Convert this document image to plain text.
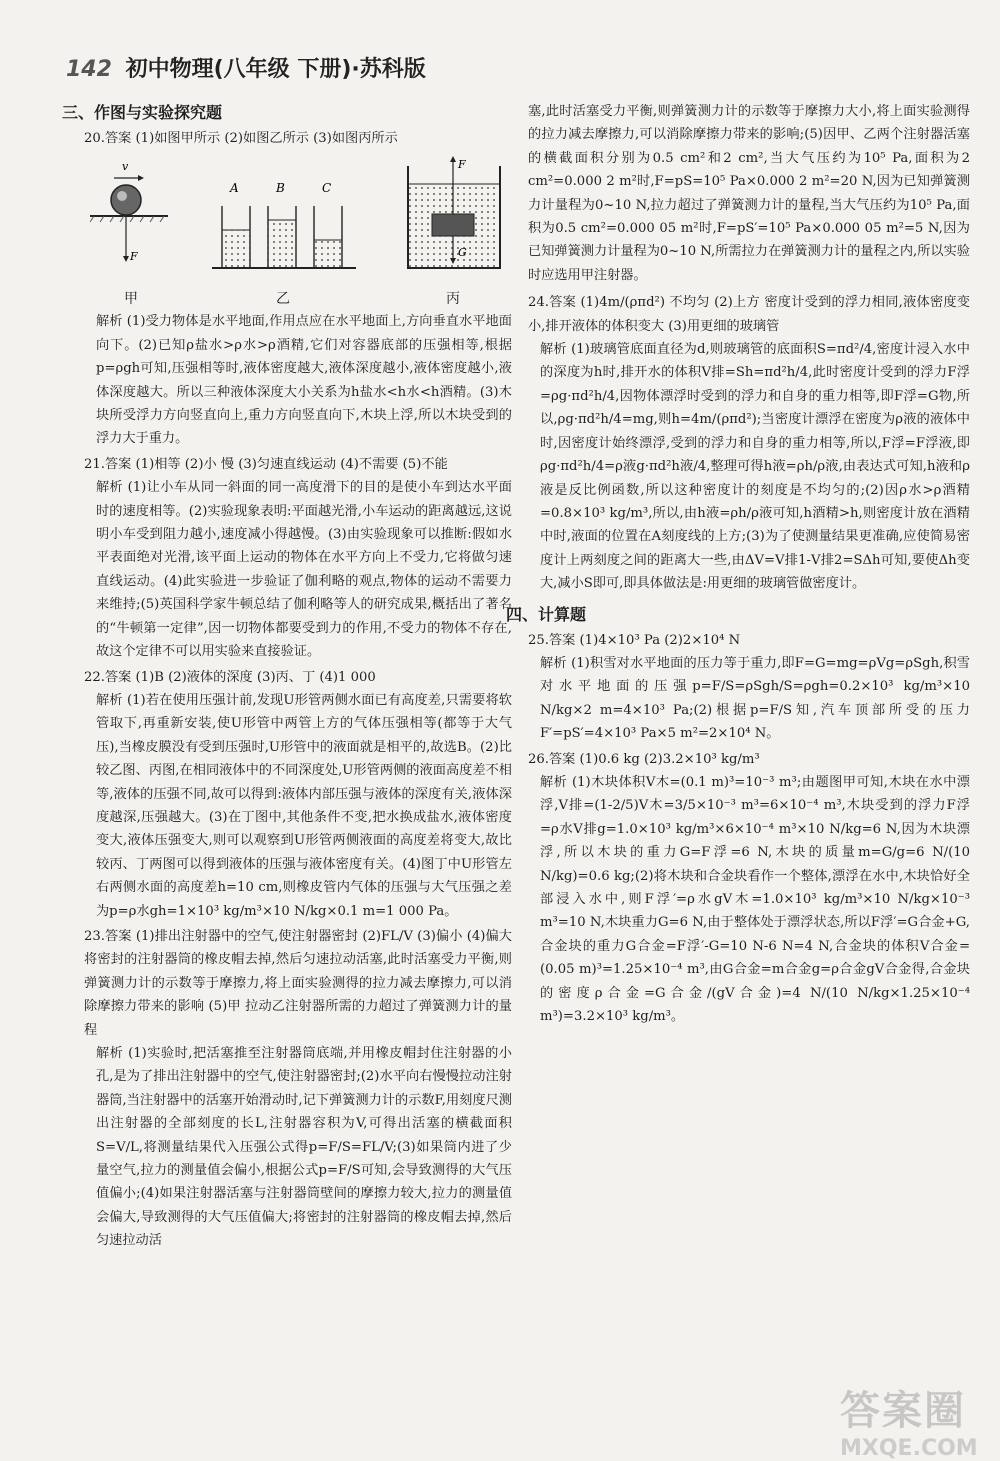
142 初中物理(八年级 下册)·苏科版
三、作图与实验探究题

20.答案 (1)如图甲所示 (2)如图乙所示 (3)如图丙所示

v
F
甲
A	B	C
乙
F
G
丙

解析 (1)受力物体是水平地面,作用点应在水平地面上,方向垂直水平地面向下。(2)已知ρ盐水>ρ水>ρ酒精,它们对容器底部的压强相等,根据p=ρgh可知,压强相等时,液体密度越大,液体深度越小,液体密度越小,液体深度越大。所以三种液体深度大小关系为h盐水<h水<h酒精。(3)木块所受浮力方向竖直向上,重力方向竖直向下,木块上浮,所以木块受到的浮力大于重力。

21.答案 (1)相等 (2)小 慢 (3)匀速直线运动 (4)不需要 (5)不能

解析 (1)让小车从同一斜面的同一高度滑下的目的是使小车到达水平面时的速度相等。(2)实验现象表明:平面越光滑,小车运动的距离越远,这说明小车受到阻力越小,速度减小得越慢。(3)由实验现象可以推断:假如水平表面绝对光滑,该平面上运动的物体在水平方向上不受力,它将做匀速直线运动。(4)此实验进一步验证了伽利略的观点,物体的运动不需要力来维持;(5)英国科学家牛顿总结了伽利略等人的研究成果,概括出了著名的“牛顿第一定律”,因一切物体都要受到力的作用,不受力的物体不存在,故这个定律不可以用实验来直接验证。

22.答案 (1)B (2)液体的深度 (3)丙、丁 (4)1 000

解析 (1)若在使用压强计前,发现U形管两侧水面已有高度差,只需要将软管取下,再重新安装,使U形管中两管上方的气体压强相等(都等于大气压),当橡皮膜没有受到压强时,U形管中的液面就是相平的,故选B。(2)比较乙图、丙图,在相同液体中的不同深度处,U形管两侧的液面高度差不相等,液体的压强不同,故可以得到:液体内部压强与液体的深度有关,液体深度越深,压强越大。(3)在丁图中,其他条件不变,把水换成盐水,液体密度变大,液体压强变大,则可以观察到U形管两侧液面的高度差将变大,故比较丙、丁两图可以得到液体的压强与液体密度有关。(4)图丁中U形管左右两侧水面的高度差h=10 cm,则橡皮管内气体的压强与大气压强之差为p=ρ水gh=1×10³ kg/m³×10 N/kg×0.1 m=1 000 Pa。

23.答案 (1)排出注射器中的空气,使注射器密封 (2)FL/V (3)偏小 (4)偏大 将密封的注射器筒的橡皮帽去掉,然后匀速拉动活塞,此时活塞受力平衡,则弹簧测力计的示数等于摩擦力,将上面实验测得的拉力减去摩擦力,可以消除摩擦力带来的影响 (5)甲 拉动乙注射器所需的力超过了弹簧测力计的量程

解析 (1)实验时,把活塞推至注射器筒底端,并用橡皮帽封住注射器的小孔,是为了排出注射器中的空气,使注射器密封;(2)水平向右慢慢拉动注射器筒,当注射器中的活塞开始滑动时,记下弹簧测力计的示数F,用刻度尺测出注射器的全部刻度的长L,注射器容积为V,可得出活塞的横截面积S=V/L,将测量结果代入压强公式得p=F/S=FL/V;(3)如果筒内进了少量空气,拉力的测量值会偏小,根据公式p=F/S可知,会导致测得的大气压值偏小;(4)如果注射器活塞与注射器筒壁间的摩擦力较大,拉力的测量值会偏大,导致测得的大气压值偏大;将密封的注射器筒的橡皮帽去掉,然后匀速拉动活

塞,此时活塞受力平衡,则弹簧测力计的示数等于摩擦力大小,将上面实验测得的拉力减去摩擦力,可以消除摩擦力带来的影响;(5)因甲、乙两个注射器活塞的横截面积分别为0.5 cm²和2 cm²,当大气压约为10⁵ Pa,面积为2 cm²=0.000 2 m²时,F=pS=10⁵ Pa×0.000 2 m²=20 N,因为已知弹簧测力计量程为0~10 N,拉力超过了弹簧测力计的量程,当大气压约为10⁵ Pa,面积为0.5 cm²=0.000 05 m²时,F=pS′=10⁵ Pa×0.000 05 m²=5 N,因为已知弹簧测力计量程为0~10 N,所需拉力在弹簧测力计的量程之内,所以实验时应选用甲注射器。

24.答案 (1)4m/(ρπd²) 不均匀 (2)上方 密度计受到的浮力相同,液体密度变小,排开液体的体积变大 (3)用更细的玻璃管

解析 (1)玻璃管底面直径为d,则玻璃管的底面积S=πd²/4,密度计浸入水中的深度为h时,排开水的体积V排=Sh=πd²h/4,此时密度计受到的浮力F浮=ρg·πd²h/4,因物体漂浮时受到的浮力和自身的重力相等,即F浮=G物,所以,ρg·πd²h/4=mg,则h=4m/(ρπd²);当密度计漂浮在密度为ρ液的液体中时,因密度计始终漂浮,受到的浮力和自身的重力相等,所以,F浮=F浮液,即ρg·πd²h/4=ρ液g·πd²h液/4,整理可得h液=ρh/ρ液,由表达式可知,h液和ρ液是反比例函数,所以这种密度计的刻度是不均匀的;(2)因ρ水>ρ酒精=0.8×10³ kg/m³,所以,由h液=ρh/ρ液可知,h酒精>h,则密度计放在酒精中时,液面的位置在A刻度线的上方;(3)为了使测量结果更准确,应使简易密度计上两刻度之间的距离大一些,由ΔV=V排1-V排2=SΔh可知,要使Δh变大,减小S即可,即具体做法是:用更细的玻璃管做密度计。

四、计算题

25.答案 (1)4×10³ Pa (2)2×10⁴ N

解析 (1)积雪对水平地面的压力等于重力,即F=G=mg=ρVg=ρSgh,积雪对水平地面的压强p=F/S=ρSgh/S=ρgh=0.2×10³ kg/m³×10 N/kg×2 m=4×10³ Pa;(2)根据p=F/S知,汽车顶部所受的压力F′=pS′=4×10³ Pa×5 m²=2×10⁴ N。

26.答案 (1)0.6 kg (2)3.2×10³ kg/m³

解析 (1)木块体积V木=(0.1 m)³=10⁻³ m³;由题图甲可知,木块在水中漂浮,V排=(1-2/5)V木=3/5×10⁻³ m³=6×10⁻⁴ m³,木块受到的浮力F浮=ρ水V排g=1.0×10³ kg/m³×6×10⁻⁴ m³×10 N/kg=6 N,因为木块漂浮,所以木块的重力G=F浮=6 N,木块的质量m=G/g=6 N/(10 N/kg)=0.6 kg;(2)将木块和合金块看作一个整体,漂浮在水中,木块恰好全部浸入水中,则F浮′=ρ水gV木=1.0×10³ kg/m³×10 N/kg×10⁻³ m³=10 N,木块重力G=6 N,由于整体处于漂浮状态,所以F浮′=G合金+G,合金块的重力G合金=F浮′-G=10 N-6 N=4 N,合金块的体积V合金=(0.05 m)³=1.25×10⁻⁴ m³,由G合金=m合金g=ρ合金gV合金得,合金块的密度ρ合金=G合金/(gV合金)=4 N/(10 N/kg×1.25×10⁻⁴ m³)=3.2×10³ kg/m³。

答案圈
MXQE.COM
